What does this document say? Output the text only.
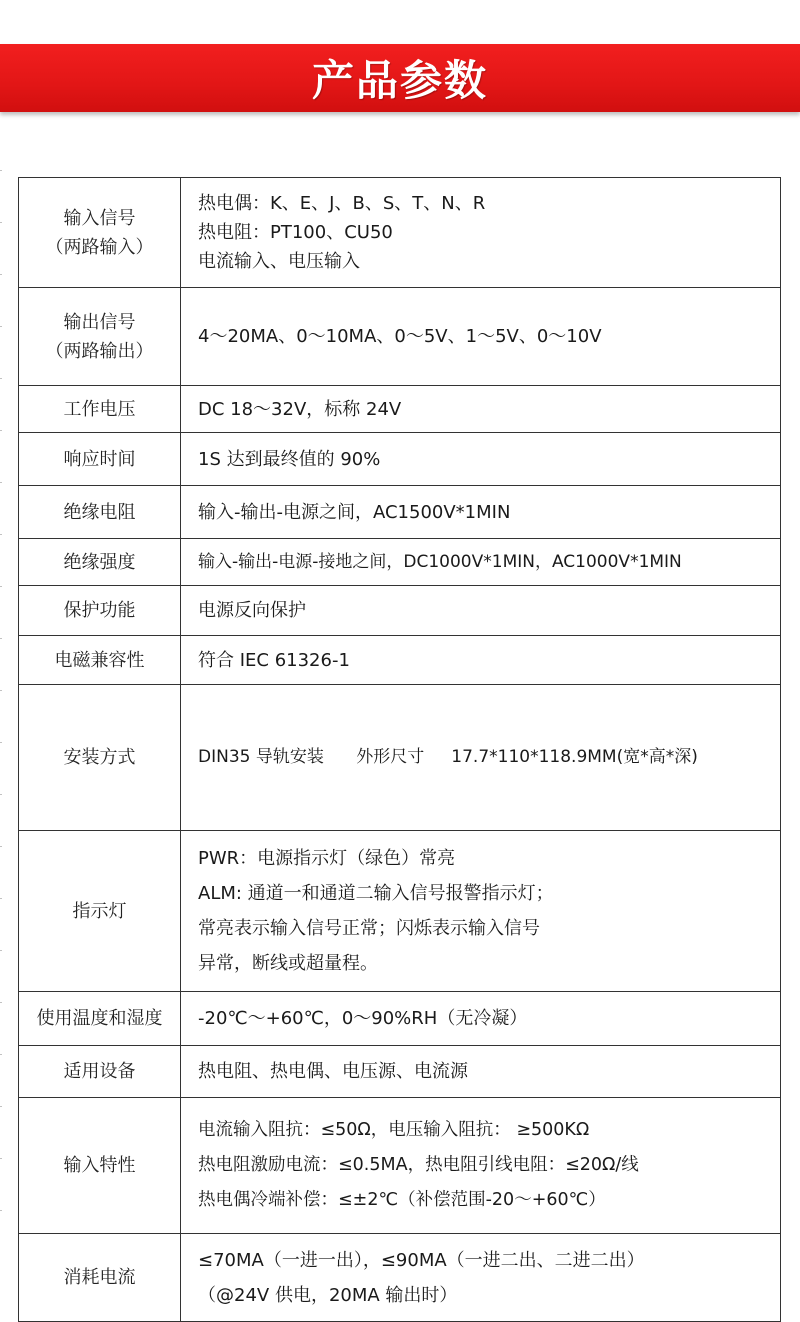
产品参数
输入信号
（两路输入）	热电偶：K、E、J、B、S、T、N、R
热电阻：PT100、CU50
电流输入、电压输入

输出信号
（两路输出）	4～20MA、0～10MA、0～5V、1～5V、0～10V

工作电压	DC 18～32V，标称 24V

响应时间	1S 达到最终值的 90%

绝缘电阻	输入-输出-电源之间，AC1500V*1MIN

绝缘强度	输入-输出-电源-接地之间，DC1000V*1MIN，AC1000V*1MIN

保护功能	电源反向保护

电磁兼容性	符合 IEC 61326-1

安装方式	DIN35 导轨安装      外形尺寸     17.7*110*118.9MM(宽*高*深)

指示灯	PWR：电源指示灯（绿色）常亮
ALM: 通道一和通道二输入信号报警指示灯；
常亮表示输入信号正常；闪烁表示输入信号
异常，断线或超量程。

使用温度和湿度	-20℃～+60℃，0～90%RH（无冷凝）

适用设备	热电阻、热电偶、电压源、电流源

输入特性	电流输入阻抗：≤50Ω，电压输入阻抗： ≥500KΩ
热电阻激励电流：≤0.5MA，热电阻引线电阻：≤20Ω/线
热电偶冷端补偿：≤±2℃（补偿范围-20～+60℃）

消耗电流	≤70MA（一进一出），≤90MA（一进二出、二进二出）
（@24V 供电，20MA 输出时）
